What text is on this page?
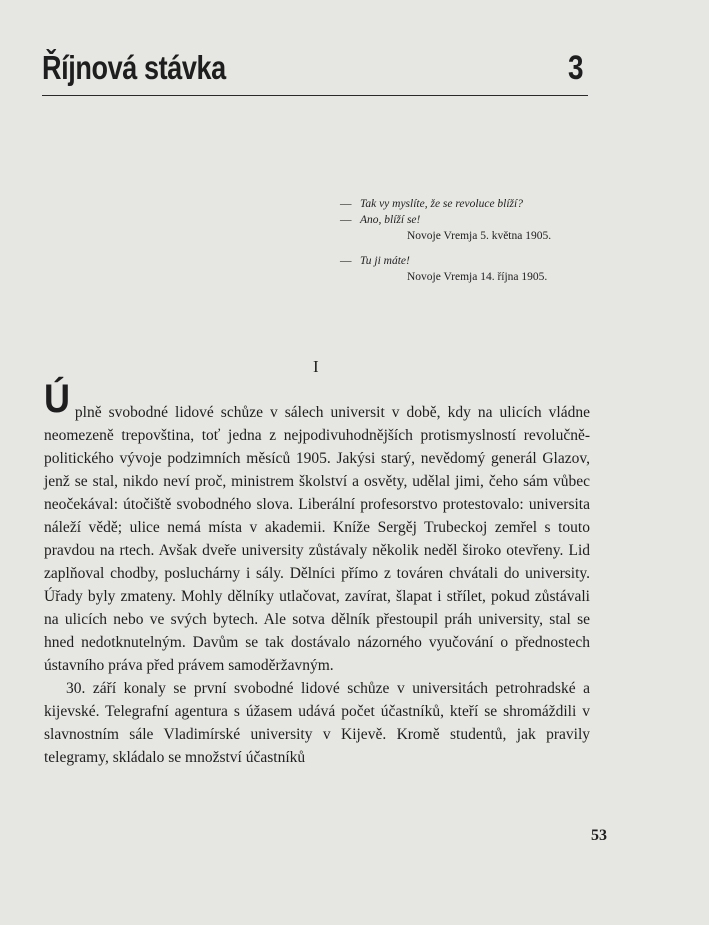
Říjnová stávka	3
— Tak vy myslíte, že se revoluce blíží?
— Ano, blíží se!
Novoje Vremja 5. května 1905.
— Tu ji máte!
Novoje Vremja 14. října 1905.
I

Úplně svobodné lidové schůze v sálech universit v době, kdy na ulicích vládne neomezeně trepovština, toť jedna z nejpodivuhodnějších protismyslností revolučně-politického vývoje podzimních měsíců 1905. Jakýsi starý, nevědomý generál Glazov, jenž se stal, nikdo neví proč, ministrem školství a osvěty, udělal jimi, čeho sám vůbec neočekával: útočiště svobodného slova. Liberální profesorstvo protestovalo: universita náleží vědě; ulice nemá místa v akademii. Kníže Sergěj Trubeckoj zemřel s touto pravdou na rtech. Avšak dveře university zůstávaly několik neděl široko otevřeny. Lid zaplňoval chodby, posluchárny i sály. Dělníci přímo z továren chvátali do university. Úřady byly zmateny. Mohly dělníky utlačovat, zavírat, šlapat i střílet, pokud zůstávali na ulicích nebo ve svých bytech. Ale sotva dělník přestoupil práh university, stal se hned nedotknutelným. Davům se tak dostávalo názorného vyučování o přednostech ústavního práva před právem samoděržavným.

30. září konaly se první svobodné lidové schůze v universitách petrohradské a kijevské. Telegrafní agentura s úžasem udává počet účastníků, kteří se shromáždili v slavnostním sále Vladimírské university v Kijevě. Kromě studentů, jak pravily telegramy, skládalo se množství účastníků

53
